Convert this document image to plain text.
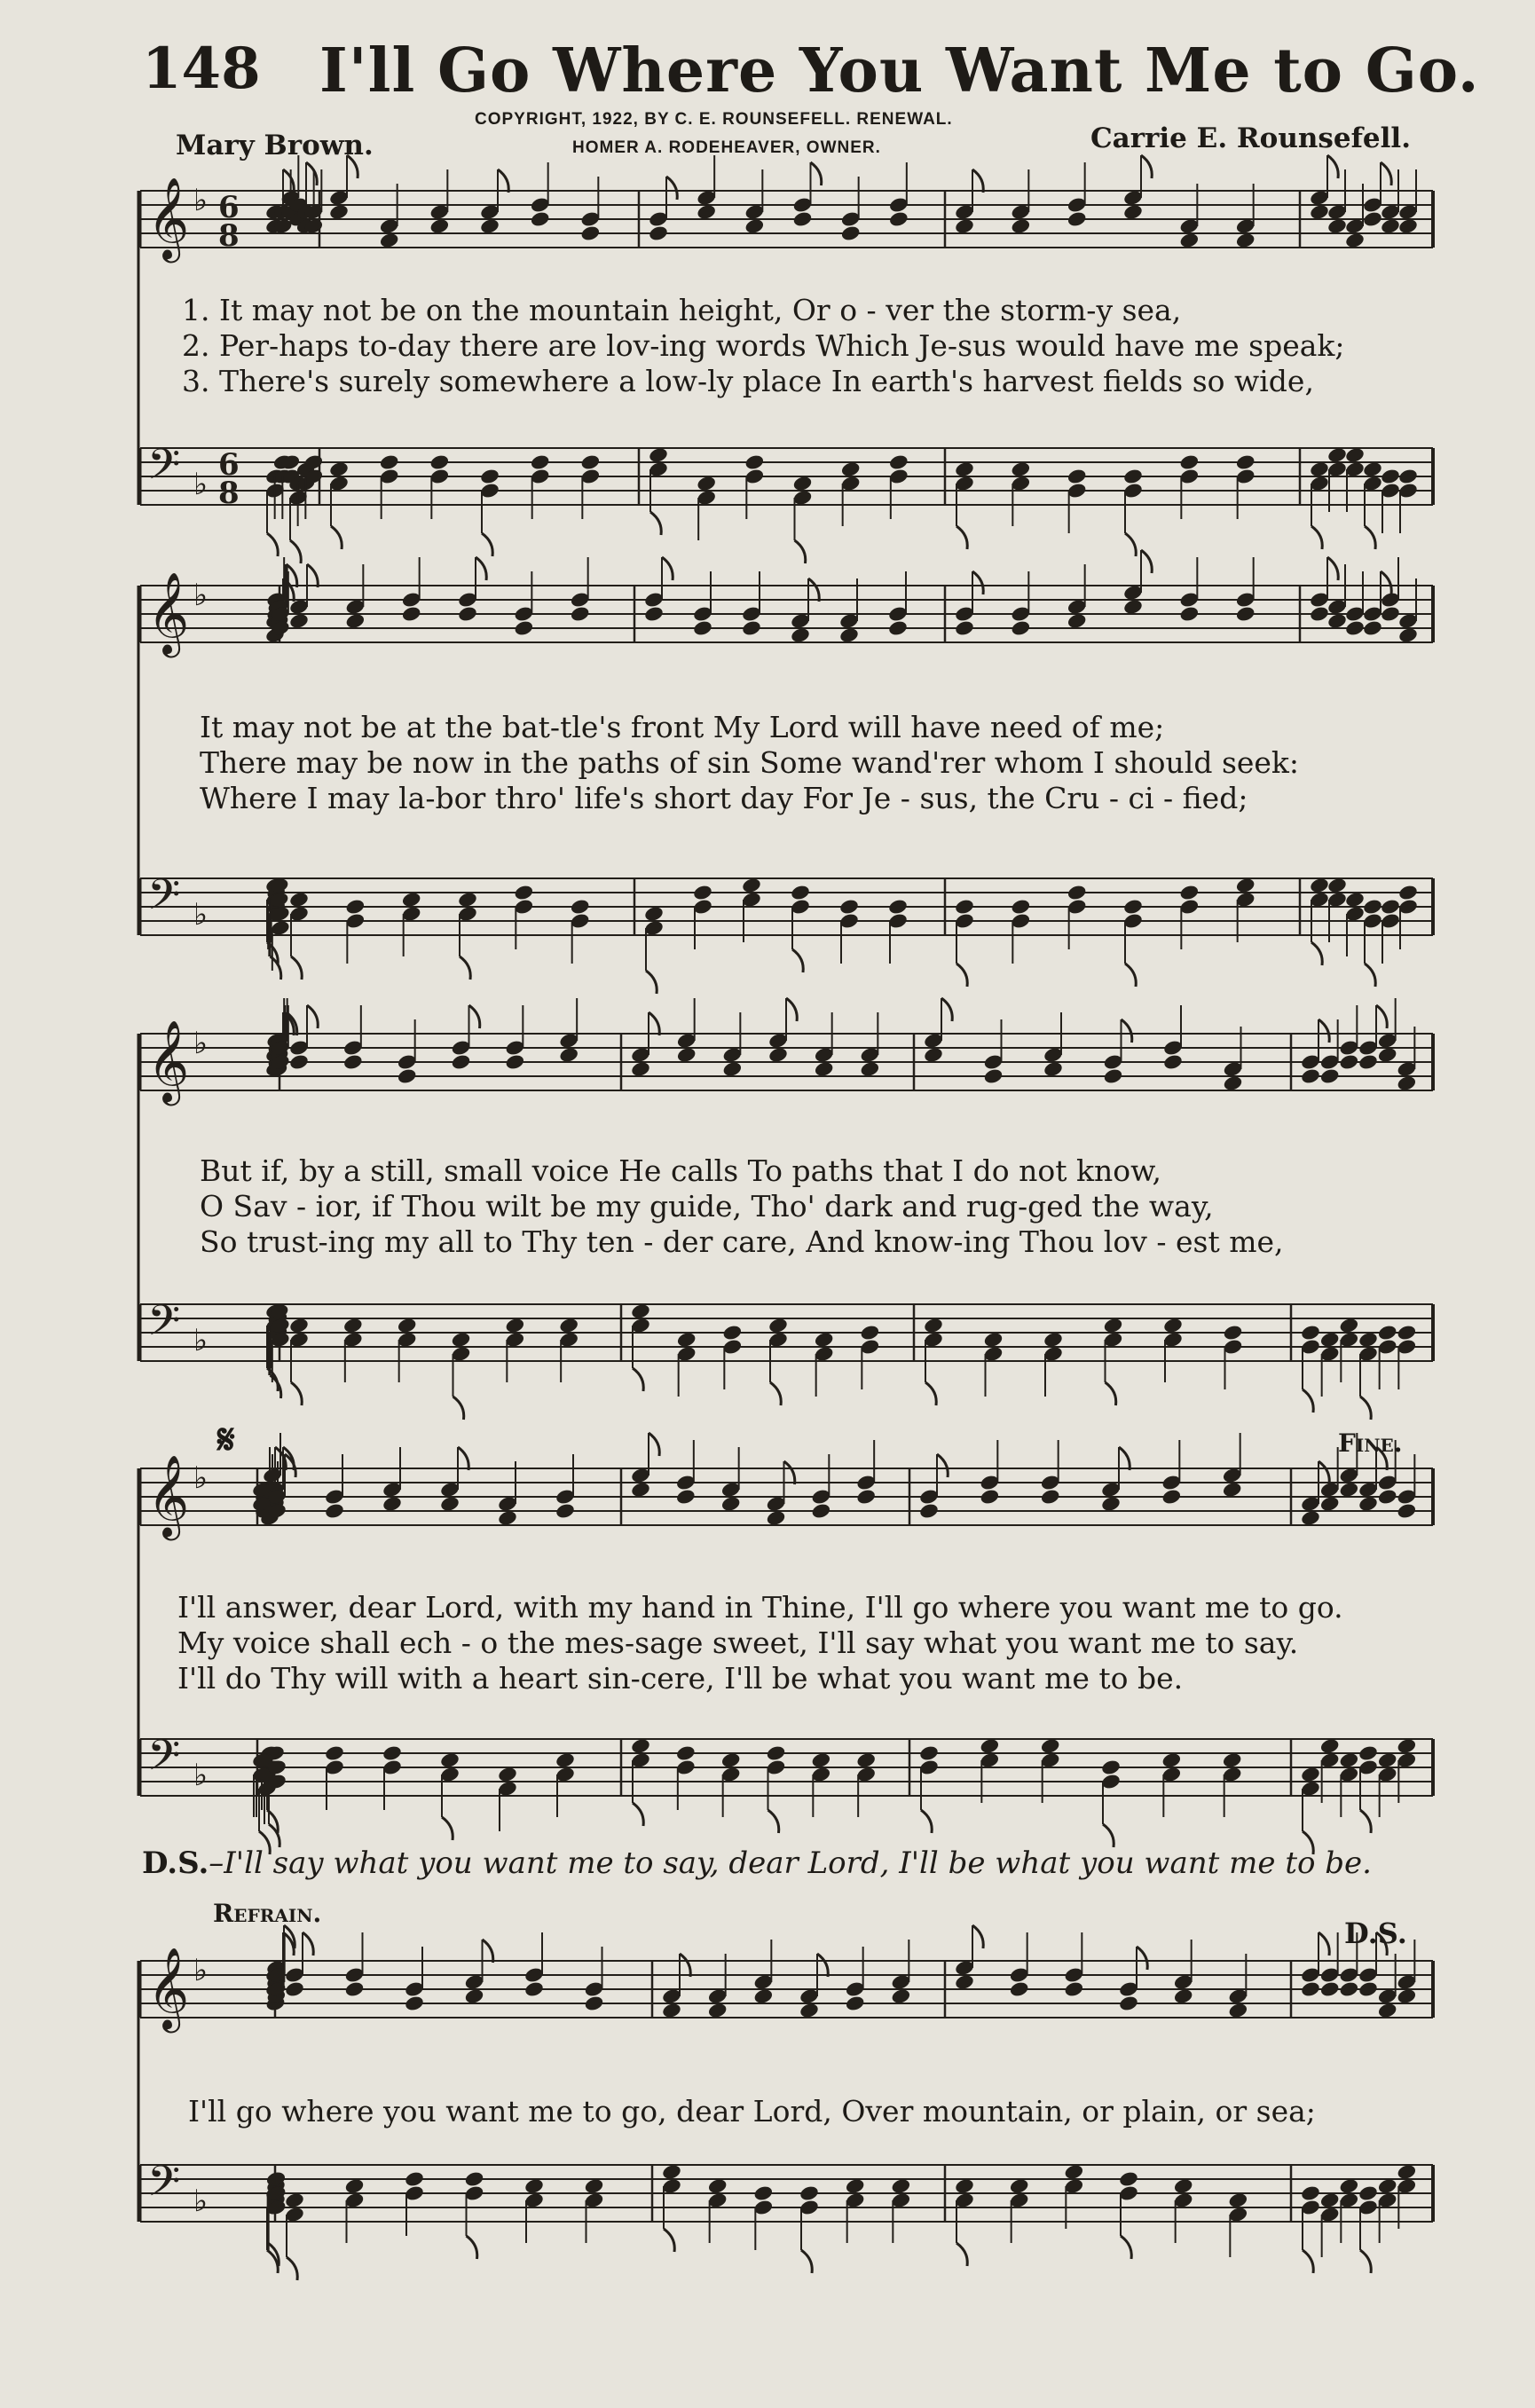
148 I'll Go Where You Want Me to Go.
COPYRIGHT, 1922, BY C. E. ROUNSEFELL. RENEWAL.
HOMER A. RODEHEAVER, OWNER.
Mary Brown.	Carrie E. Rounsefell.
𝄞 ♭ 6
8
𝄢 ♭
6
8
𝄞 ♭
𝄢 ♭
𝄞 ♭
𝄢 ♭
𝄞 ♭
𝄢 ♭
𝄞 ♭
𝄢 ♭
1. It may not be on the mountain height, Or o - ver the storm-y sea,
2. Per-haps to-day there are lov-ing words Which Je-sus would have me speak;
3. There's surely somewhere a low-ly place In earth's harvest fields so wide,
It may not be at the bat-tle's front My Lord will have need of me;
There may be now in the paths of sin Some wand'rer whom I should seek:
Where I may la-bor thro' life's short day For Je - sus, the Cru - ci - fied;
But if, by a still, small voice He calls To paths that I do not know,
O Sav - ior, if Thou wilt be my guide, Tho' dark and rug-ged the way,
So trust-ing my all to Thy ten - der care, And know-ing Thou lov - est me,
I'll answer, dear Lord, with my hand in Thine, I'll go where you want me to go.
My voice shall ech - o the mes-sage sweet, I'll say what you want me to say.
I'll do Thy will with a heart sin-cere, I'll be what you want me to be.
I'll go where you want me to go, dear Lord, Over mountain, or plain, or sea;
𝄋	Fine.
D.S.–I'll say what you want me to say, dear Lord, I'll be what you want me to be.
Refrain.
D.S.
